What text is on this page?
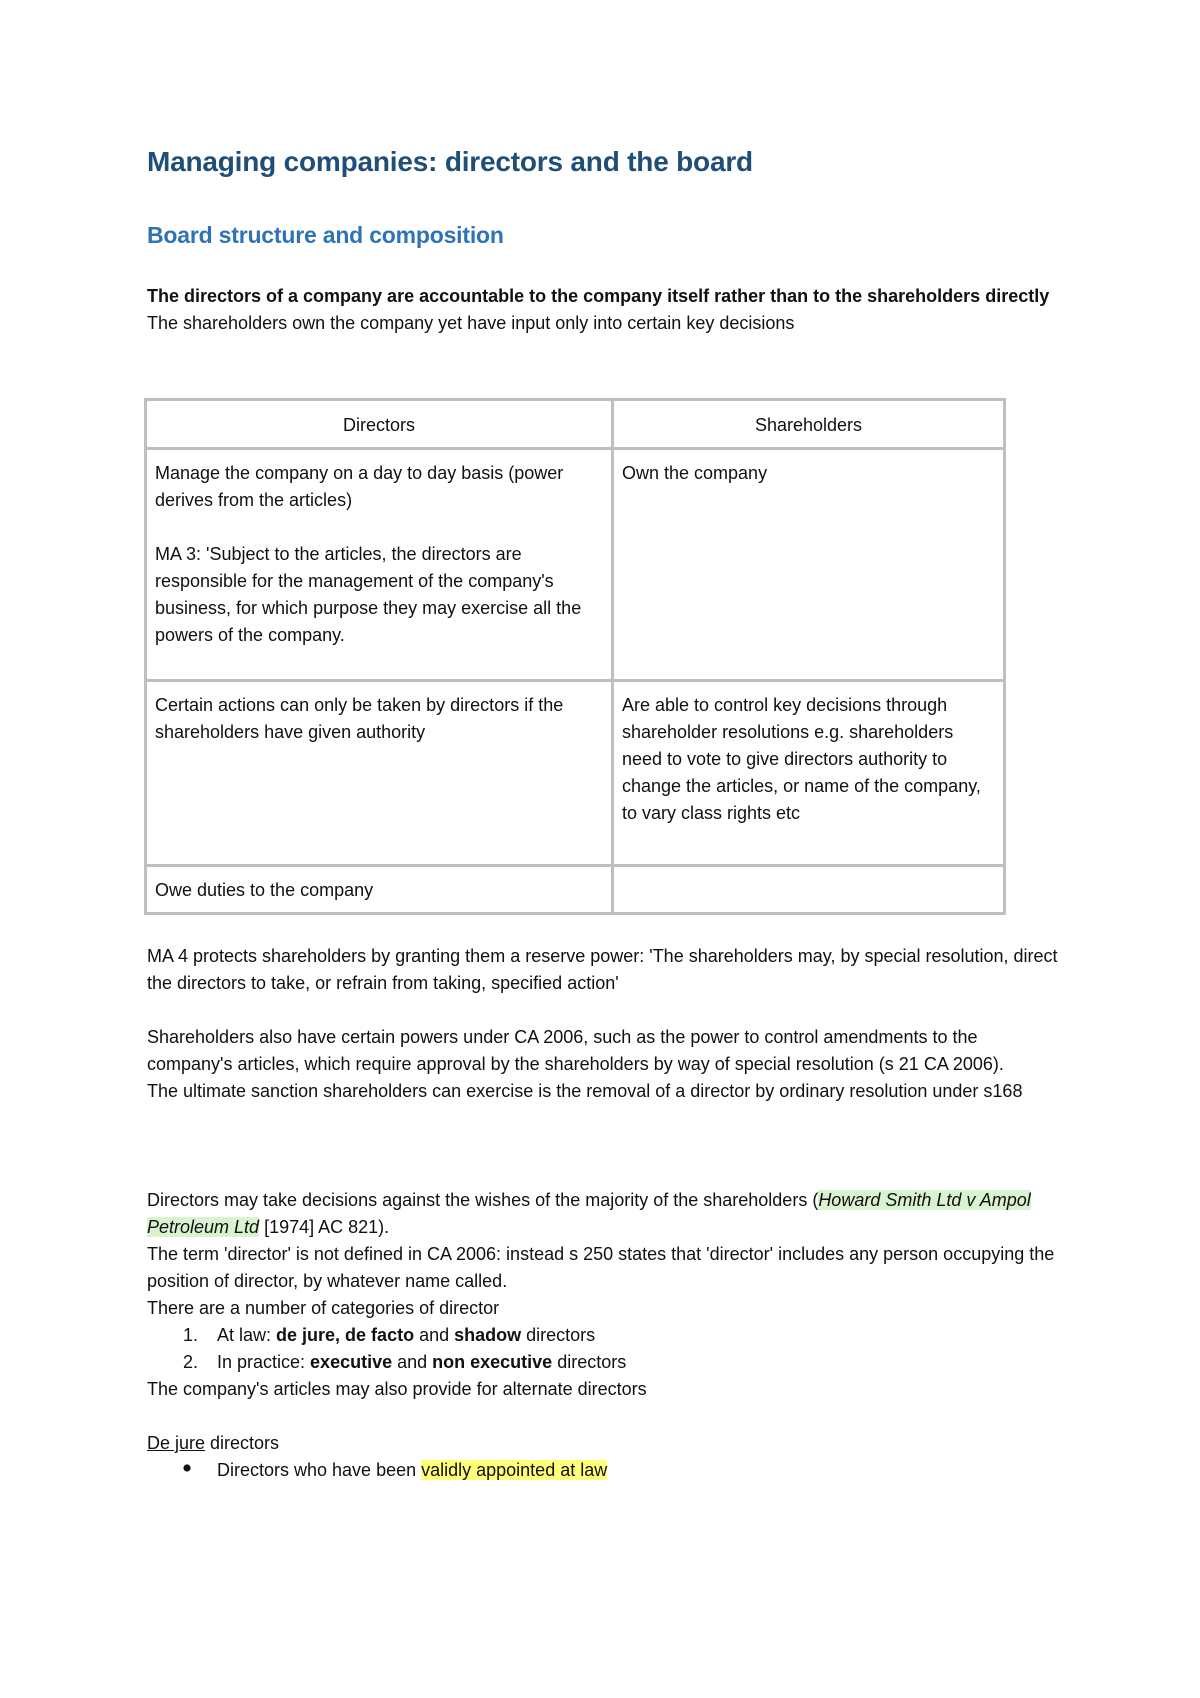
Managing companies: directors and the board
Board structure and composition
The directors of a company are accountable to the company itself rather than to the shareholders directly
The shareholders own the company yet have input only into certain key decisions
Directors	Shareholders

Manage the company on a day to day basis (power derives from the articles)
MA 3: 'Subject to the articles, the directors are responsible for the management of the company's business, for which purpose they may exercise all the powers of the company.	Own the company
Certain actions can only be taken by directors if the shareholders have given authority	Are able to control key decisions through shareholder resolutions e.g. shareholders need to vote to give directors authority to change the articles, or name of the company, to vary class rights etc
Owe duties to the company	
MA 4 protects shareholders by granting them a reserve power: 'The shareholders may, by special resolution, direct the directors to take, or refrain from taking, specified action'
Shareholders also have certain powers under CA 2006, such as the power to control amendments to the company's articles, which require approval by the shareholders by way of special resolution (s 21 CA 2006).
The ultimate sanction shareholders can exercise is the removal of a director by ordinary resolution under s168
Directors may take decisions against the wishes of the majority of the shareholders (Howard Smith Ltd v Ampol Petroleum Ltd [1974] AC 821).
The term 'director' is not defined in CA 2006: instead s 250 states that 'director' includes any person occupying the position of director, by whatever name called.
There are a number of categories of director
1. At law: de jure, de facto and shadow directors
2. In practice: executive and non executive directors
The company's articles may also provide for alternate directors
De jure directors
Directors who have been validly appointed at law
